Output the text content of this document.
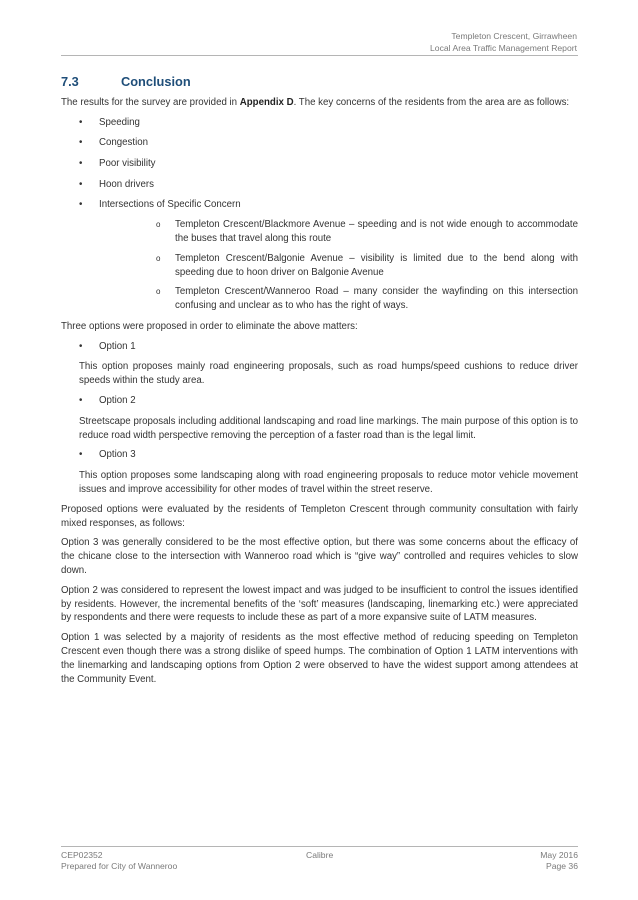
Templeton Crescent, Girrawheen
Local Area Traffic Management Report
7.3	Conclusion

The results for the survey are provided in Appendix D. The key concerns of the residents from the area are as follows:

• Speeding
• Congestion
• Poor visibility
• Hoon drivers
• Intersections of Specific Concern
o Templeton Crescent/Blackmore Avenue – speeding and is not wide enough to accommodate the buses that travel along this route
o Templeton Crescent/Balgonie Avenue – visibility is limited due to the bend along with speeding due to hoon driver on Balgonie Avenue
o Templeton Crescent/Wanneroo Road – many consider the wayfinding on this intersection confusing and unclear as to who has the right of ways.

Three options were proposed in order to eliminate the above matters:

• Option 1
This option proposes mainly road engineering proposals, such as road humps/speed cushions to reduce driver speeds within the study area.
• Option 2
Streetscape proposals including additional landscaping and road line markings. The main purpose of this option is to reduce road width perspective removing the perception of a faster road than is the legal limit.
• Option 3
This option proposes some landscaping along with road engineering proposals to reduce motor vehicle movement issues and improve accessibility for other modes of travel within the street reserve.

Proposed options were evaluated by the residents of Templeton Crescent through community consultation with fairly mixed responses, as follows:

Option 3 was generally considered to be the most effective option, but there was some concerns about the efficacy of the chicane close to the intersection with Wanneroo road which is “give way” controlled and requires vehicles to slow down.

Option 2 was considered to represent the lowest impact and was judged to be insufficient to control the issues identified by residents. However, the incremental benefits of the ‘soft’ measures (landscaping, linemarking etc.) were appreciated by respondents and there were requests to include these as part of a more expansive suite of LATM measures.

Option 1 was selected by a majority of residents as the most effective method of reducing speeding on Templeton Crescent even though there was a strong dislike of speed humps. The combination of Option 1 LATM interventions with the linemarking and landscaping options from Option 2 were observed to have the widest support among attendees at the Community Event.

CEP02352
Prepared for City of Wanneroo
Calibre	May 2016
Page 36
